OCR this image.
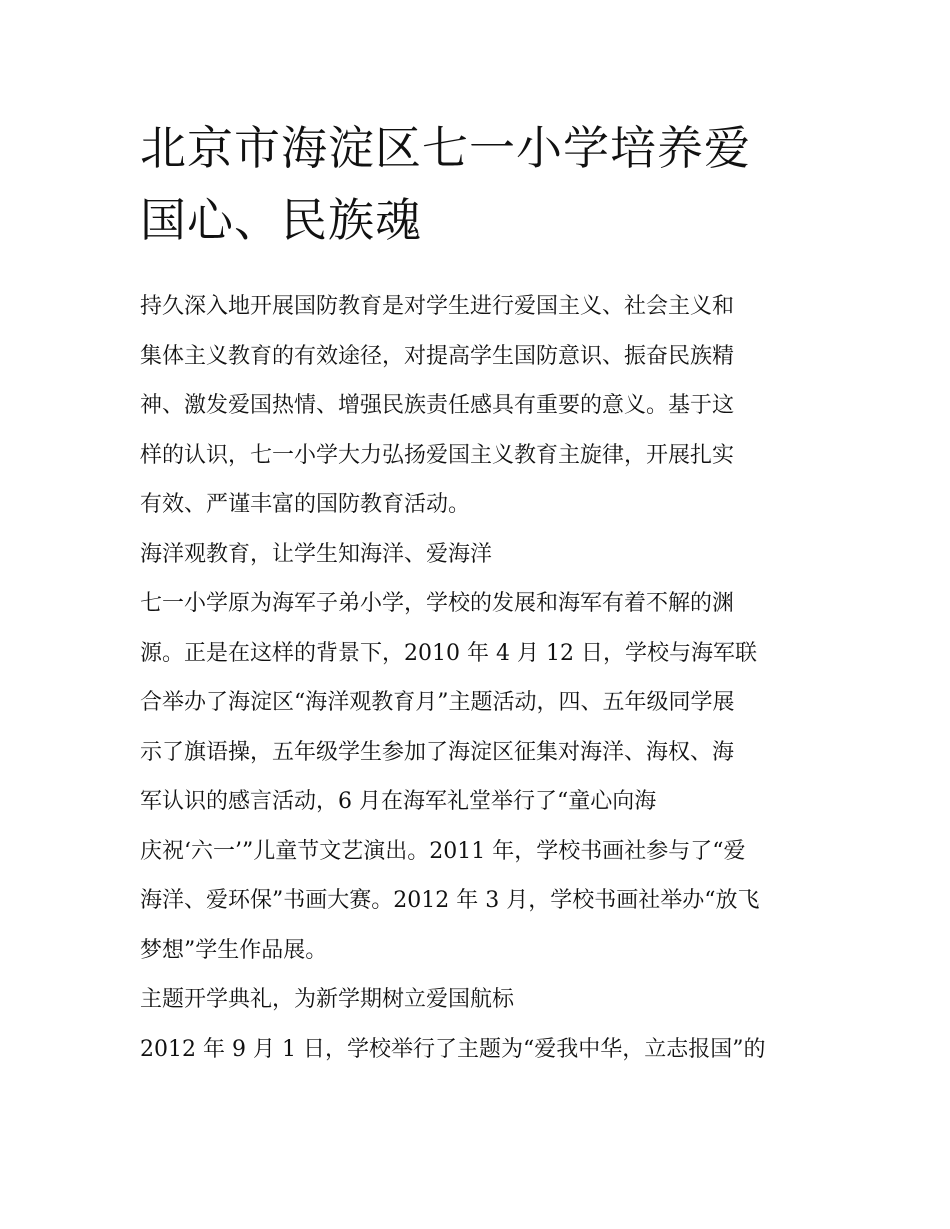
北京市海淀区七一小学培养爱
国心、民族魂
持久深入地开展国防教育是对学生进行爱国主义、社会主义和
集体主义教育的有效途径，对提高学生国防意识、振奋民族精
神、激发爱国热情、增强民族责任感具有重要的意义。基于这
样的认识，七一小学大力弘扬爱国主义教育主旋律，开展扎实
有效、严谨丰富的国防教育活动。
海洋观教育，让学生知海洋、爱海洋
七一小学原为海军子弟小学，学校的发展和海军有着不解的渊
源。正是在这样的背景下，2010 年 4 月 12 日，学校与海军联
合举办了海淀区“海洋观教育月”主题活动，四、五年级同学展
示了旗语操，五年级学生参加了海淀区征集对海洋、海权、海
军认识的感言活动，6 月在海军礼堂举行了“童心向海
庆祝‘六一’”儿童节文艺演出。2011 年，学校书画社参与了“爱
海洋、爱环保”书画大赛。2012 年 3 月，学校书画社举办“放飞
梦想”学生作品展。
主题开学典礼，为新学期树立爱国航标
2012 年 9 月 1 日，学校举行了主题为“爱我中华，立志报国”的
